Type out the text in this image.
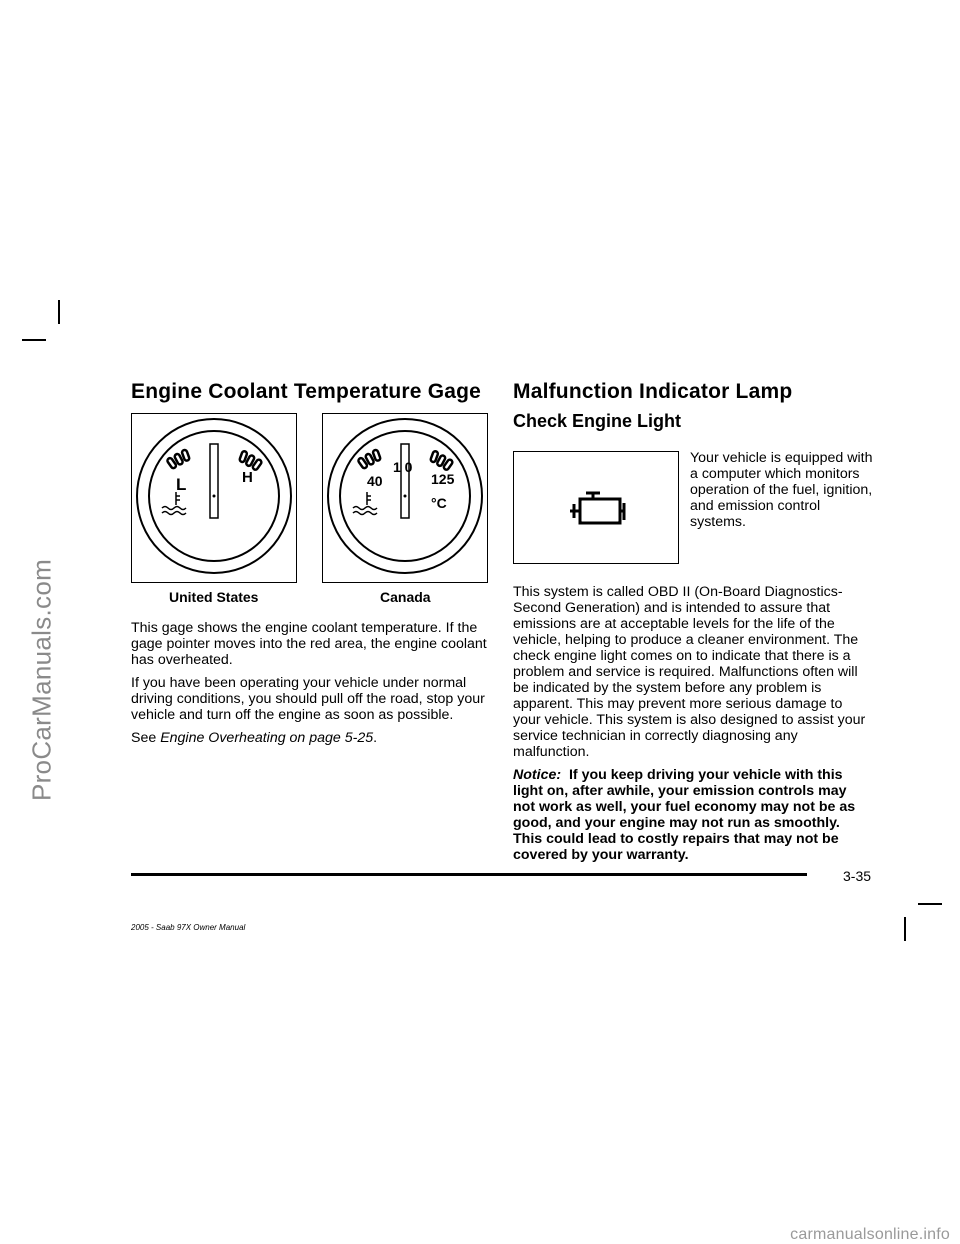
ProCarManuals.com
Engine Coolant Temperature Gage
L	H
United States
40
1 0
125
°C
Canada

This gage shows the engine coolant temperature. If the gage pointer moves into the red area, the engine coolant has overheated.

If you have been operating your vehicle under normal driving conditions, you should pull off the road, stop your vehicle and turn off the engine as soon as possible.

See Engine Overheating on page 5-25.

Malfunction Indicator Lamp
Check Engine Light
Your vehicle is equipped with a computer which monitors operation of the fuel, ignition, and emission control systems.

This system is called OBD II (On-Board Diagnostics-Second Generation) and is intended to assure that emissions are at acceptable levels for the life of the vehicle, helping to produce a cleaner environment. The check engine light comes on to indicate that there is a problem and service is required. Malfunctions often will be indicated by the system before any problem is apparent. This may prevent more serious damage to your vehicle. This system is also designed to assist your service technician in correctly diagnosing any malfunction.

Notice: If you keep driving your vehicle with this light on, after awhile, your emission controls may not work as well, your fuel economy may not be as good, and your engine may not run as smoothly. This could lead to costly repairs that may not be covered by your warranty.

3-35
2005 - Saab 97X Owner Manual
carmanualsonline.info
